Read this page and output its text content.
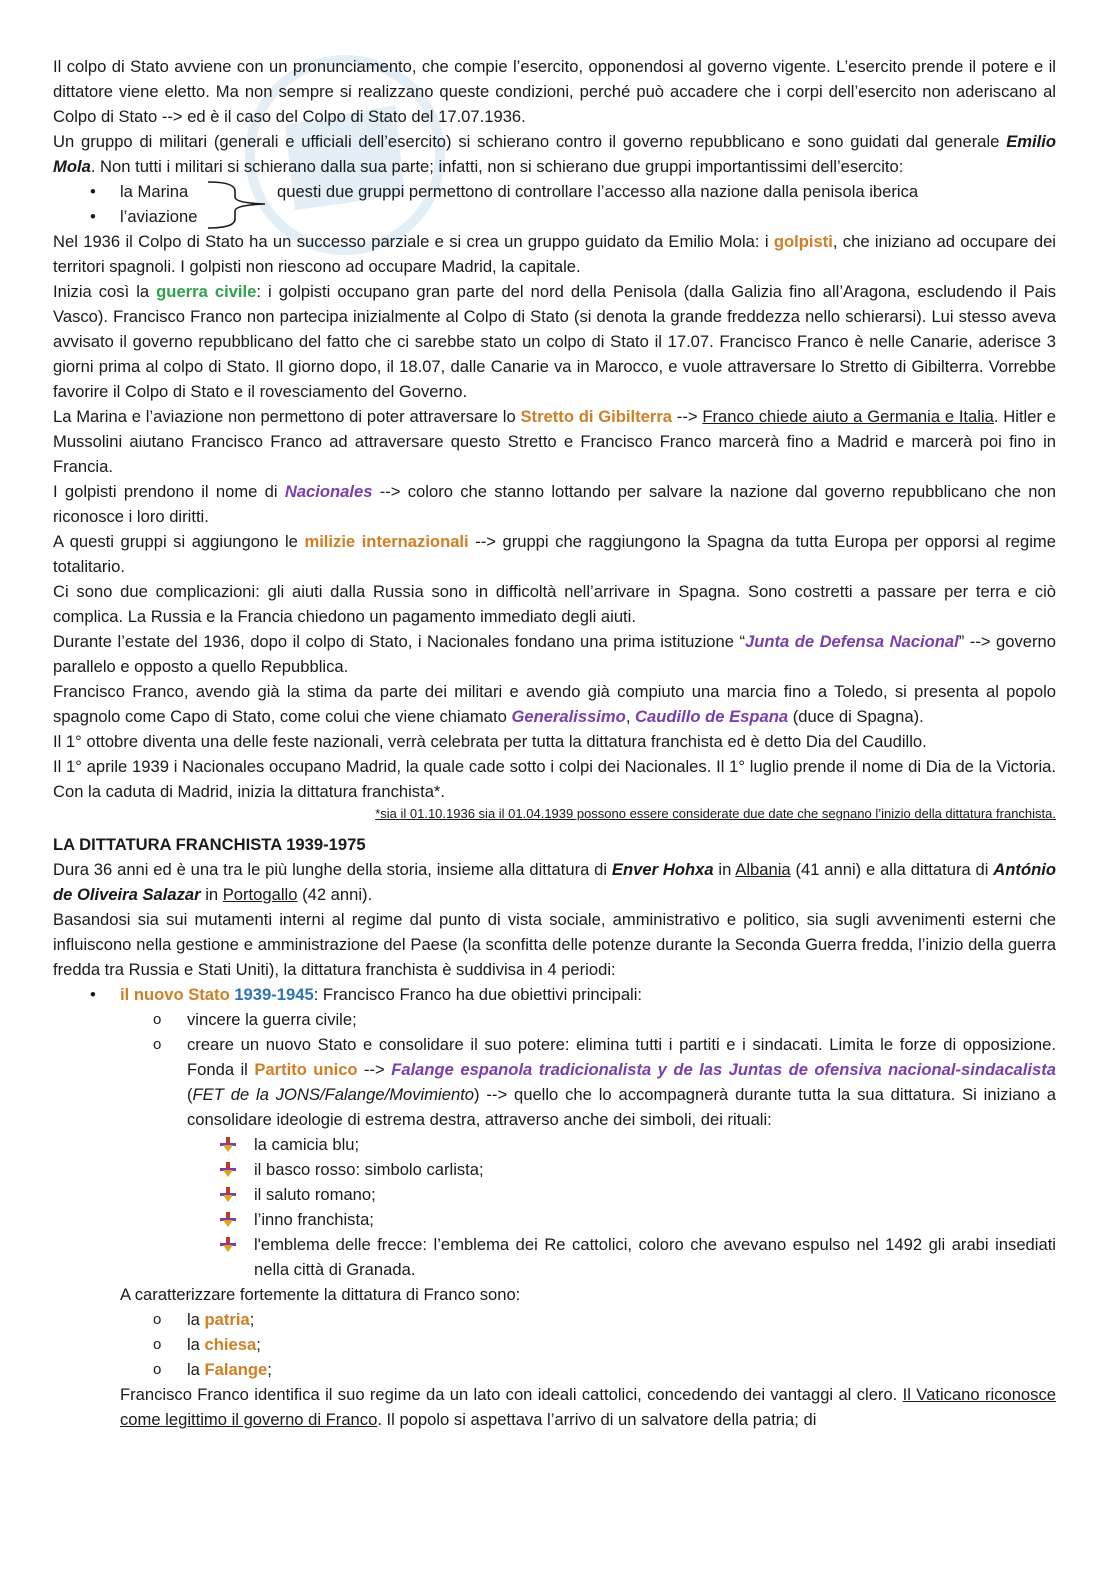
Il colpo di Stato avviene con un pronunciamento, che compie l’esercito, opponendosi al governo vigente. L’esercito prende il potere e il dittatore viene eletto. Ma non sempre si realizzano queste condizioni, perché può accadere che i corpi dell’esercito non aderiscano al Colpo di Stato --> ed è il caso del Colpo di Stato del 17.07.1936.

Un gruppo di militari (generali e ufficiali dell’esercito) si schierano contro il governo repubblicano e sono guidati dal generale Emilio Mola. Non tutti i militari si schierano dalla sua parte; infatti, non si schierano due gruppi importantissimi dell’esercito:

• la Marina	questi due gruppi permettono di controllare l’accesso alla nazione dalla penisola iberica
• l’aviazione

Nel 1936 il Colpo di Stato ha un successo parziale e si crea un gruppo guidato da Emilio Mola: i golpisti, che iniziano ad occupare dei territori spagnoli. I golpisti non riescono ad occupare Madrid, la capitale.

Inizia così la guerra civile: i golpisti occupano gran parte del nord della Penisola (dalla Galizia fino all’Aragona, escludendo il Pais Vasco). Francisco Franco non partecipa inizialmente al Colpo di Stato (si denota la grande freddezza nello schierarsi). Lui stesso aveva avvisato il governo repubblicano del fatto che ci sarebbe stato un colpo di Stato il 17.07. Francisco Franco è nelle Canarie, aderisce 3 giorni prima al colpo di Stato. Il giorno dopo, il 18.07, dalle Canarie va in Marocco, e vuole attraversare lo Stretto di Gibilterra. Vorrebbe favorire il Colpo di Stato e il rovesciamento del Governo.

La Marina e l’aviazione non permettono di poter attraversare lo Stretto di Gibilterra --> Franco chiede aiuto a Germania e Italia. Hitler e Mussolini aiutano Francisco Franco ad attraversare questo Stretto e Francisco Franco marcerà fino a Madrid e marcerà poi fino in Francia.

I golpisti prendono il nome di Nacionales --> coloro che stanno lottando per salvare la nazione dal governo repubblicano che non riconosce i loro diritti.

A questi gruppi si aggiungono le milizie internazionali --> gruppi che raggiungono la Spagna da tutta Europa per opporsi al regime totalitario.

Ci sono due complicazioni: gli aiuti dalla Russia sono in difficoltà nell’arrivare in Spagna. Sono costretti a passare per terra e ciò complica. La Russia e la Francia chiedono un pagamento immediato degli aiuti.

Durante l’estate del 1936, dopo il colpo di Stato, i Nacionales fondano una prima istituzione “Junta de Defensa Nacional” --> governo parallelo e opposto a quello Repubblica.

Francisco Franco, avendo già la stima da parte dei militari e avendo già compiuto una marcia fino a Toledo, si presenta al popolo spagnolo come Capo di Stato, come colui che viene chiamato Generalissimo, Caudillo de Espana (duce di Spagna).

Il 1° ottobre diventa una delle feste nazionali, verrà celebrata per tutta la dittatura franchista ed è detto Dia del Caudillo.

Il 1° aprile 1939 i Nacionales occupano Madrid, la quale cade sotto i colpi dei Nacionales. Il 1° luglio prende il nome di Dia de la Victoria. Con la caduta di Madrid, inizia la dittatura franchista*.

*sia il 01.10.1936 sia il 01.04.1939 possono essere considerate due date che segnano l’inizio della dittatura franchista.

LA DITTATURA FRANCHISTA 1939-1975

Dura 36 anni ed è una tra le più lunghe della storia, insieme alla dittatura di Enver Hohxa in Albania (41 anni) e alla dittatura di António de Oliveira Salazar in Portogallo (42 anni).

Basandosi sia sui mutamenti interni al regime dal punto di vista sociale, amministrativo e politico, sia sugli avvenimenti esterni che influiscono nella gestione e amministrazione del Paese (la sconfitta delle potenze durante la Seconda Guerra fredda, l’inizio della guerra fredda tra Russia e Stati Uniti), la dittatura franchista è suddivisa in 4 periodi:

• il nuovo Stato 1939-1945: Francisco Franco ha due obiettivi principali:
o vincere la guerra civile;
o creare un nuovo Stato e consolidare il suo potere: elimina tutti i partiti e i sindacati. Limita le forze di opposizione. Fonda il Partito unico --> Falange espanola tradicionalista y de las Juntas de ofensiva nacional-sindacalista (FET de la JONS/Falange/Movimiento) --> quello che lo accompagnerà durante tutta la sua dittatura. Si iniziano a consolidare ideologie di estrema destra, attraverso anche dei simboli, dei rituali:
la camicia blu;
il basco rosso: simbolo carlista;
il saluto romano;
l’inno franchista;
l'emblema delle frecce: l’emblema dei Re cattolici, coloro che avevano espulso nel 1492 gli arabi insediati nella città di Granada.

A caratterizzare fortemente la dittatura di Franco sono:

o la patria;
o la chiesa;
o la Falange;

Francisco Franco identifica il suo regime da un lato con ideali cattolici, concedendo dei vantaggi al clero. Il Vaticano riconosce come legittimo il governo di Franco. Il popolo si aspettava l’arrivo di un salvatore della patria; di
